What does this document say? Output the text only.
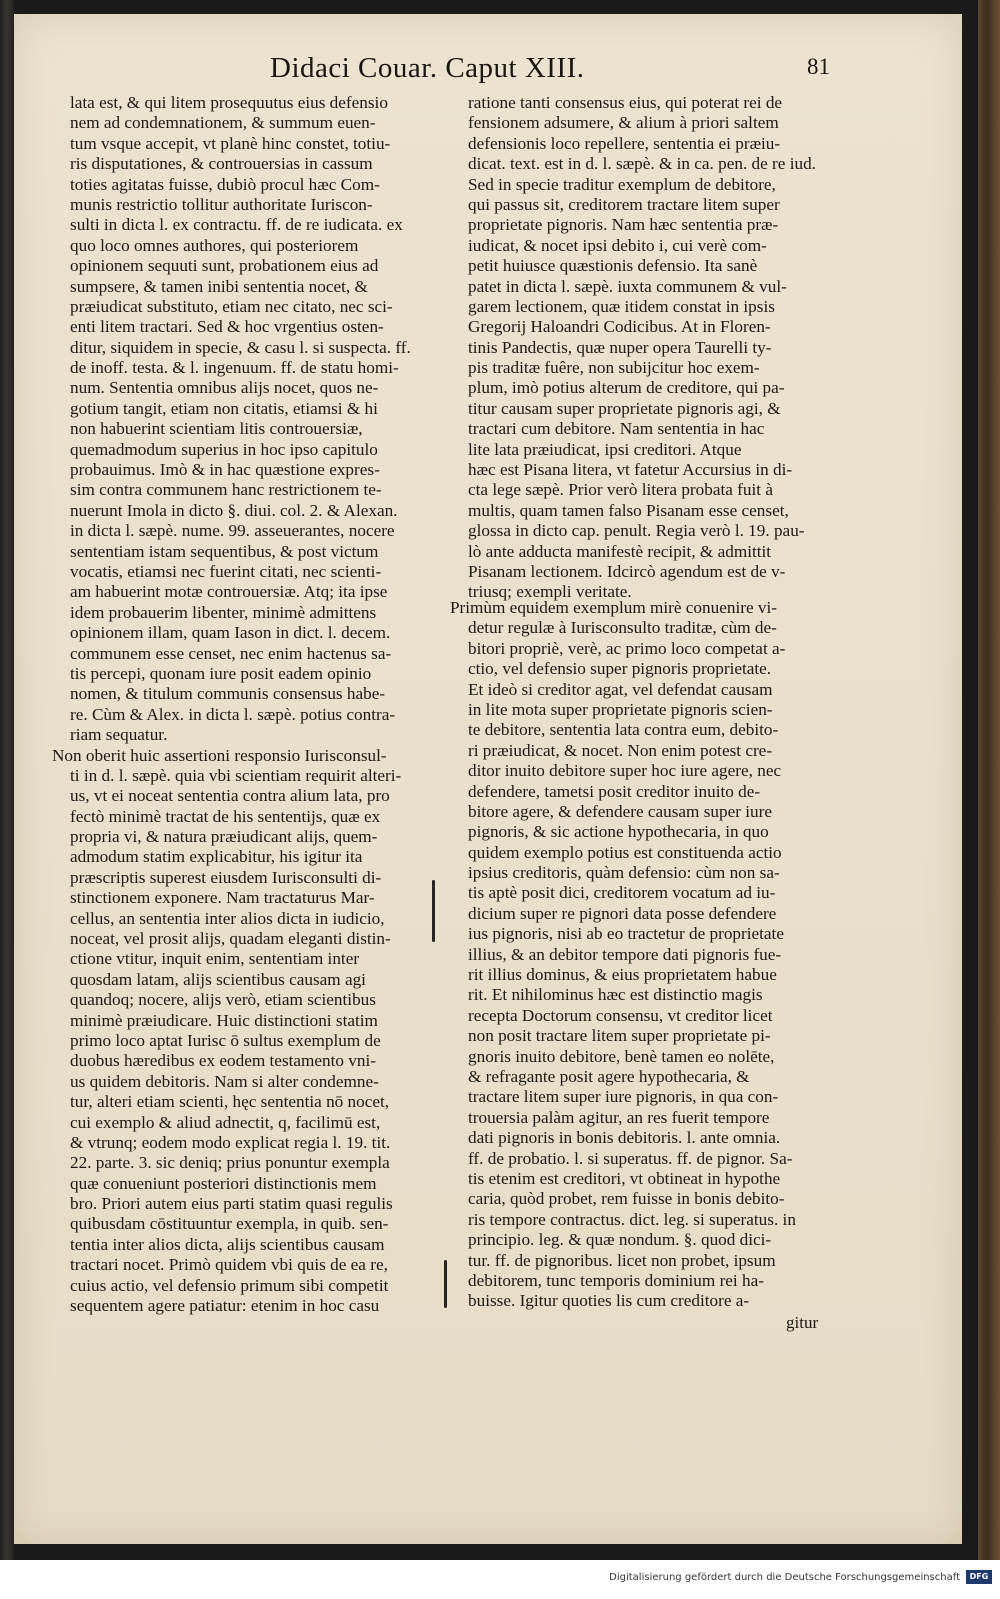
Didaci Couar. Caput XIII.	81
lata est, & qui litem prosequutus eius defensio
nem ad condemnationem, & summum euen-
tum vsque accepit, vt planè hinc constet, totiu-
ris disputationes, & controuersias in cassum
toties agitatas fuisse, dubiò procul hæc Com-
munis restrictio tollitur authoritate Iuriscon-
sulti in dicta l. ex contractu. ff. de re iudicata. ex
quo loco omnes authores, qui posteriorem
opinionem sequuti sunt, probationem eius ad
sumpsere, & tamen inibi sententia nocet, &
præiudicat substituto, etiam nec citato, nec sci-
enti litem tractari. Sed & hoc vrgentius osten-
ditur, siquidem in specie, & casu l. si suspecta. ff.
de inoff. testa. & l. ingenuum. ff. de statu homi-
num. Sententia omnibus alijs nocet, quos ne-
gotium tangit, etiam non citatis, etiamsi & hi
non habuerint scientiam litis controuersiæ,
quemadmodum superius in hoc ipso capitulo
probauimus. Imò & in hac quæstione expres-
sim contra communem hanc restrictionem te-
nuerunt Imola in dicto §. diui. col. 2. & Alexan.
in dicta l. sæpè. nume. 99. asseuerantes, nocere
sententiam istam sequentibus, & post victum
vocatis, etiamsi nec fuerint citati, nec scienti-
am habuerint motæ controuersiæ. Atq; ita ipse
idem probauerim libenter, minimè admittens
opinionem illam, quam Iason in dict. l. decem.
communem esse censet, nec enim hactenus sa-
tis percepi, quonam iure posit eadem opinio
nomen, & titulum communis consensus habe-
re. Cùm & Alex. in dicta l. sæpè. potius contra-
riam sequatur.
Non oberit huic assertioni responsio Iurisconsul-
ti in d. l. sæpè. quia vbi scientiam requirit alteri-
us, vt ei noceat sententia contra alium lata, pro
fectò minimè tractat de his sententijs, quæ ex
propria vi, & natura præiudicant alijs, quem-
admodum statim explicabitur, his igitur ita
præscriptis superest eiusdem Iurisconsulti di-
stinctionem exponere. Nam tractaturus Mar-
cellus, an sententia inter alios dicta in iudicio,
noceat, vel prosit alijs, quadam eleganti distin-
ctione vtitur, inquit enim, sententiam inter
quosdam latam, alijs scientibus causam agi
quandoq; nocere, alijs verò, etiam scientibus
minimè præiudicare. Huic distinctioni statim
primo loco aptat Iurisc ō sultus exemplum de
duobus hæredibus ex eodem testamento vni-
us quidem debitoris. Nam si alter condemne-
tur, alteri etiam scienti, hęc sententia nō nocet,
cui exemplo & aliud adnectit, q, facilimū est,
& vtrunq; eodem modo explicat regia l. 19. tit.
22. parte. 3. sic deniq; prius ponuntur exempla
quæ conueniunt posteriori distinctionis mem
bro. Priori autem eius parti statim quasi regulis
quibusdam cōstituuntur exempla, in quib. sen-
tentia inter alios dicta, alijs scientibus causam
tractari nocet. Primò quidem vbi quis de ea re,
cuius actio, vel defensio primum sibi competit
sequentem agere patiatur: etenim in hoc casu
ratione tanti consensus eius, qui poterat rei de
fensionem adsumere, & alium à priori saltem
defensionis loco repellere, sententia ei præiu-
dicat. text. est in d. l. sæpè. & in ca. pen. de re iud.
Sed in specie traditur exemplum de debitore,
qui passus sit, creditorem tractare litem super
proprietate pignoris. Nam hæc sententia præ-
iudicat, & nocet ipsi debito i, cui verè com-
petit huiusce quæstionis defensio. Ita sanè
patet in dicta l. sæpè. iuxta communem & vul-
garem lectionem, quæ itidem constat in ipsis
Gregorij Haloandri Codicibus. At in Floren-
tinis Pandectis, quæ nuper opera Taurelli ty-
pis traditæ fuêre, non subijcitur hoc exem-
plum, imò potius alterum de creditore, qui pa-
titur causam super proprietate pignoris agi, &
tractari cum debitore. Nam sententia in hac
lite lata præiudicat, ipsi creditori. Atque
hæc est Pisana litera, vt fatetur Accursius in di-
cta lege sæpè. Prior verò litera probata fuit à
multis, quam tamen falso Pisanam esse censet,
glossa in dicto cap. penult. Regia verò l. 19. pau-
lò ante adducta manifestè recipit, & admittit
Pisanam lectionem. Idcircò agendum est de v-
triusq; exempli veritate.
Primùm equidem exemplum mirè conuenire vi-
detur regulæ à Iurisconsulto traditæ, cùm de-
bitori propriè, verè, ac primo loco competat a-
ctio, vel defensio super pignoris proprietate.
Et ideò si creditor agat, vel defendat causam
in lite mota super proprietate pignoris scien-
te debitore, sententia lata contra eum, debito-
ri præiudicat, & nocet. Non enim potest cre-
ditor inuito debitore super hoc iure agere, nec
defendere, tametsi posit creditor inuito de-
bitore agere, & defendere causam super iure
pignoris, & sic actione hypothecaria, in quo
quidem exemplo potius est constituenda actio
ipsius creditoris, quàm defensio: cùm non sa-
tis aptè posit dici, creditorem vocatum ad iu-
dicium super re pignori data posse defendere
ius pignoris, nisi ab eo tractetur de proprietate
illius, & an debitor tempore dati pignoris fue-
rit illius dominus, & eius proprietatem habue
rit. Et nihilominus hæc est distinctio magis
recepta Doctorum consensu, vt creditor licet
non posit tractare litem super proprietate pi-
gnoris inuito debitore, benè tamen eo nolēte,
& refragante posit agere hypothecaria, &
tractare litem super iure pignoris, in qua con-
trouersia palàm agitur, an res fuerit tempore
dati pignoris in bonis debitoris. l. ante omnia.
ff. de probatio. l. si superatus. ff. de pignor. Sa-
tis etenim est creditori, vt obtineat in hypothe
caria, quòd probet, rem fuisse in bonis debito-
ris tempore contractus. dict. leg. si superatus. in
principio. leg. & quæ nondum. §. quod dici-
tur. ff. de pignoribus. licet non probet, ipsum
debitorem, tunc temporis dominium rei ha-
buisse. Igitur quoties lis cum creditore a-
gitur
Digitalisierung gefördert durch die Deutsche Forschungsgemeinschaft	DFG
